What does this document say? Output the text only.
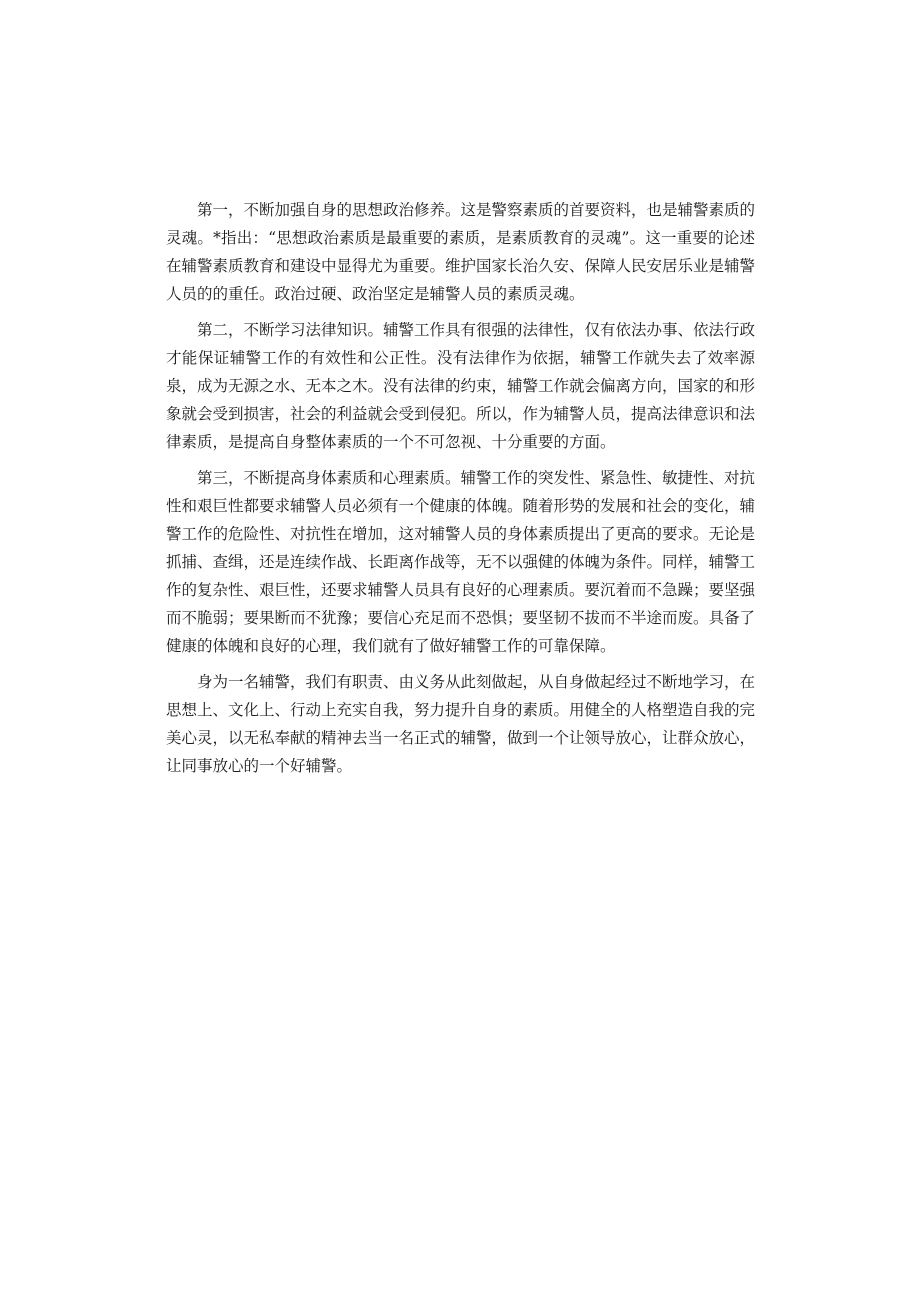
第一，不断加强自身的思想政治修养。这是警察素质的首要资料，也是辅警素质的灵魂。*指出：“思想政治素质是最重要的素质，是素质教育的灵魂”。这一重要的论述在辅警素质教育和建设中显得尤为重要。维护国家长治久安、保障人民安居乐业是辅警人员的的重任。政治过硬、政治坚定是辅警人员的素质灵魂。

第二，不断学习法律知识。辅警工作具有很强的法律性，仅有依法办事、依法行政才能保证辅警工作的有效性和公正性。没有法律作为依据，辅警工作就失去了效率源泉，成为无源之水、无本之木。没有法律的约束，辅警工作就会偏离方向，国家的和形象就会受到损害，社会的利益就会受到侵犯。所以，作为辅警人员，提高法律意识和法律素质，是提高自身整体素质的一个不可忽视、十分重要的方面。

第三，不断提高身体素质和心理素质。辅警工作的突发性、紧急性、敏捷性、对抗性和艰巨性都要求辅警人员必须有一个健康的体魄。随着形势的发展和社会的变化，辅警工作的危险性、对抗性在增加，这对辅警人员的身体素质提出了更高的要求。无论是抓捕、查缉，还是连续作战、长距离作战等，无不以强健的体魄为条件。同样，辅警工作的复杂性、艰巨性，还要求辅警人员具有良好的心理素质。要沉着而不急躁；要坚强而不脆弱；要果断而不犹豫；要信心充足而不恐惧；要坚韧不拔而不半途而废。具备了健康的体魄和良好的心理，我们就有了做好辅警工作的可靠保障。

身为一名辅警，我们有职责、由义务从此刻做起，从自身做起经过不断地学习，在思想上、文化上、行动上充实自我，努力提升自身的素质。用健全的人格塑造自我的完美心灵，以无私奉献的精神去当一名正式的辅警，做到一个让领导放心，让群众放心，让同事放心的一个好辅警。
